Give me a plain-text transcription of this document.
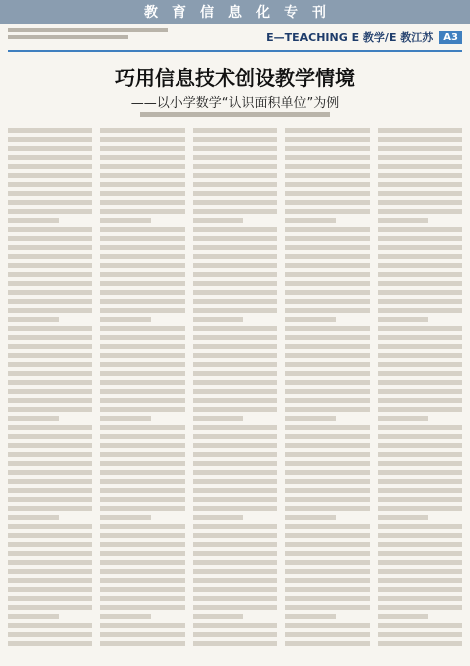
教 育 信 息 化 专 刊
E—TEACHING E 教学/E 教江苏	A3
巧用信息技术创设教学情境
——以小学数学“认识面积单位”为例
